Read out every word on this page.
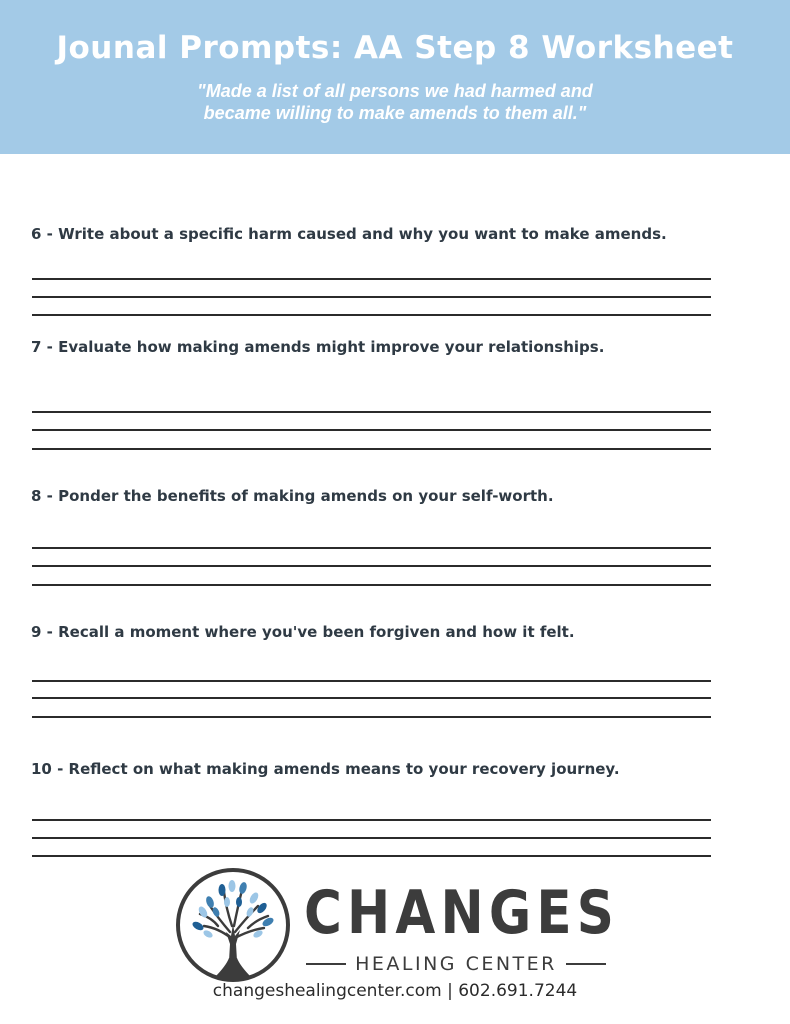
Jounal Prompts: AA Step 8 Worksheet
"Made a list of all persons we had harmed and
became willing to make amends to them all."
6 - Write about a specific harm caused and why you want to make amends.
7 - Evaluate how making amends might improve your relationships.
8 - Ponder the benefits of making amends on your self-worth.
9 - Recall a moment where you've been forgiven and how it felt.
10 - Reflect on what making amends means to your recovery journey.
CHANGES
HEALING CENTER
changeshealingcenter.com | 602.691.7244
